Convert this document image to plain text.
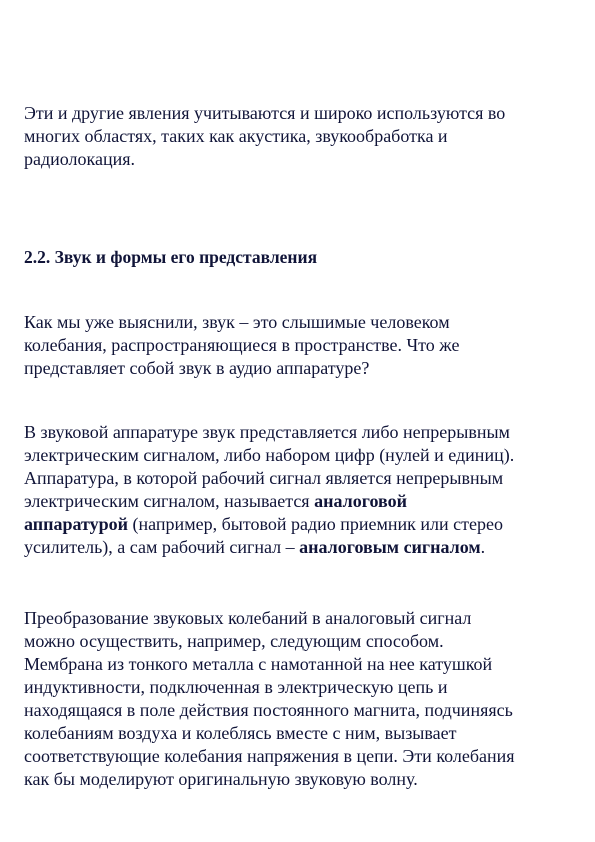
Эти и другие явления учитываются и широко используются во
многих областях, таких как акустика, звукообработка и
радиолокация.

2.2. Звук и формы его представления

Как мы уже выяснили, звук – это слышимые человеком
колебания, распространяющиеся в пространстве. Что же
представляет собой звук в аудио аппаратуре?

В звуковой аппаратуре звук представляется либо непрерывным
электрическим сигналом, либо набором цифр (нулей и единиц).
Аппаратура, в которой рабочий сигнал является непрерывным
электрическим сигналом, называется аналоговой
аппаратурой (например, бытовой радио приемник или стерео
усилитель), а сам рабочий сигнал – аналоговым сигналом.

Преобразование звуковых колебаний в аналоговый сигнал
можно осуществить, например, следующим способом.
Мембрана из тонкого металла с намотанной на нее катушкой
индуктивности, подключенная в электрическую цепь и
находящаяся в поле действия постоянного магнита, подчиняясь
колебаниям воздуха и колеблясь вместе с ним, вызывает
соответствующие колебания напряжения в цепи. Эти колебания
как бы моделируют оригинальную звуковую волну.
